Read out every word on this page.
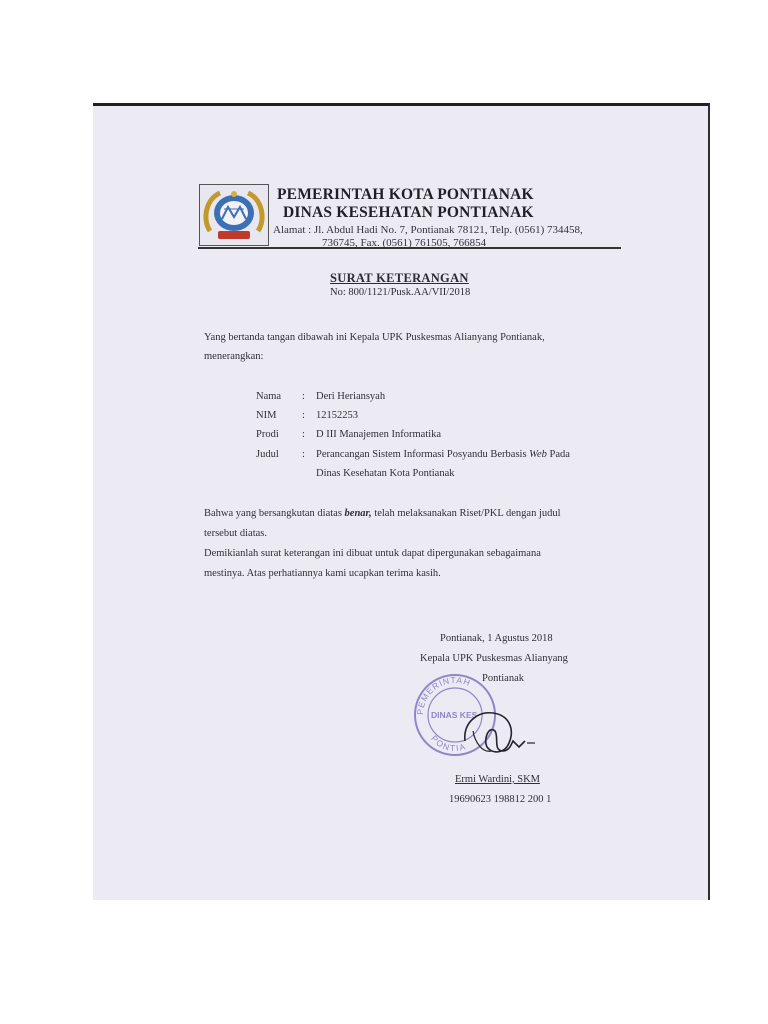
PEMERINTAH KOTA PONTIANAK
DINAS KESEHATAN PONTIANAK
Alamat : Jl. Abdul Hadi No. 7, Pontianak 78121, Telp. (0561) 734458,
736745, Fax. (0561) 761505, 766854
SURAT KETERANGAN
No: 800/1121/Pusk.AA/VII/2018
Yang bertanda tangan dibawah ini Kepala UPK Puskesmas Alianyang Pontianak,
menerangkan:
Nama : Deri Heriansyah
NIM : 12152253
Prodi : D III Manajemen Informatika
Judul : Perancangan Sistem Informasi Posyandu Berbasis Web Pada
Dinas Kesehatan Kota Pontianak
Bahwa yang bersangkutan diatas benar, telah melaksanakan Riset/PKL dengan judul
tersebut diatas.
Demikianlah surat keterangan ini dibuat untuk dapat dipergunakan sebagaimana
mestinya. Atas perhatiannya kami ucapkan terima kasih.
Pontianak, 1 Agustus 2018
Kepala UPK Puskesmas Alianyang
Pontianak
PEMERINTAH
DINAS KES
PONTIA
Ermi Wardini, SKM
19690623 198812 200 1
